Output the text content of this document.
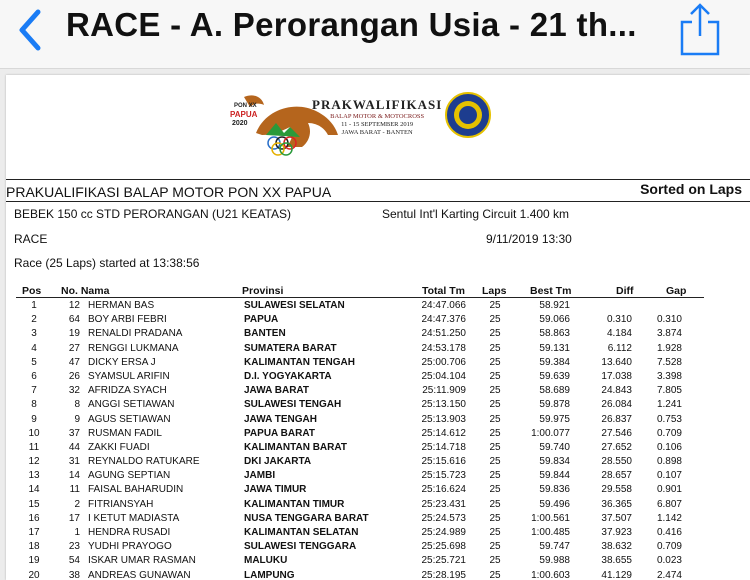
RACE - A. Perorangan Usia - 21 th...
PON XX
PAPUA
2020
PRAKWALIFIKASI
BALAP MOTOR & MOTOCROSS
11 - 15 SEPTEMBER 2019
JAWA BARAT - BANTEN
PRAKUALIFIKASI BALAP MOTOR PON XX PAPUA	Sorted on Laps
BEBEK 150 cc STD PERORANGAN (U21 KEATAS)	Sentul Int'l Karting Circuit 1.400 km
RACE	9/11/2019 13:30
Race (25 Laps) started at 13:38:56
Pos No. Nama	Provinsi	Total Tm Laps Best Tm	Diff	Gap
1	12 HERMAN BAS	SULAWESI SELATAN	24:47.066	25	58.921
2	64 BOY ARBI FEBRI	PAPUA	24:47.376	25	59.066	0.310	0.310
3	19 RENALDI PRADANA	BANTEN	24:51.250	25	58.863	4.184	3.874
4	27 RENGGI LUKMANA	SUMATERA BARAT	24:53.178	25	59.131	6.112	1.928
5	47 DICKY ERSA J	KALIMANTAN TENGAH	25:00.706	25	59.384	13.640	7.528
6	26 SYAMSUL ARIFIN	D.I. YOGYAKARTA	25:04.104	25	59.639	17.038	3.398
7	32 AFRIDZA SYACH	JAWA BARAT	25:11.909	25	58.689	24.843	7.805
8	8 ANGGI SETIAWAN	SULAWESI TENGAH	25:13.150	25	59.878	26.084	1.241
9	9 AGUS SETIAWAN	JAWA TENGAH	25:13.903	25	59.975	26.837	0.753
10	37 RUSMAN FADIL	PAPUA BARAT	25:14.612	25	1:00.077	27.546	0.709
11	44 ZAKKI FUADI	KALIMANTAN BARAT	25:14.718	25	59.740	27.652	0.106
12	31 REYNALDO RATUKARE	DKI JAKARTA	25:15.616	25	59.834	28.550	0.898
13	14 AGUNG SEPTIAN	JAMBI	25:15.723	25	59.844	28.657	0.107
14	11 FAISAL BAHARUDIN	JAWA TIMUR	25:16.624	25	59.836	29.558	0.901
15	2 FITRIANSYAH	KALIMANTAN TIMUR	25:23.431	25	59.496	36.365	6.807
16	17 I KETUT MADIASTA	NUSA TENGGARA BARAT	25:24.573	25	1:00.561	37.507	1.142
17	1 HENDRA RUSADI	KALIMANTAN SELATAN	25:24.989	25	1:00.485	37.923	0.416
18	23 YUDHI PRAYOGO	SULAWESI TENGGARA	25:25.698	25	59.747	38.632	0.709
19	54 ISKAR UMAR RASMAN	MALUKU	25:25.721	25	59.988	38.655	0.023
20	38 ANDREAS GUNAWAN	LAMPUNG	25:28.195	25	1:00.603	41.129	2.474
